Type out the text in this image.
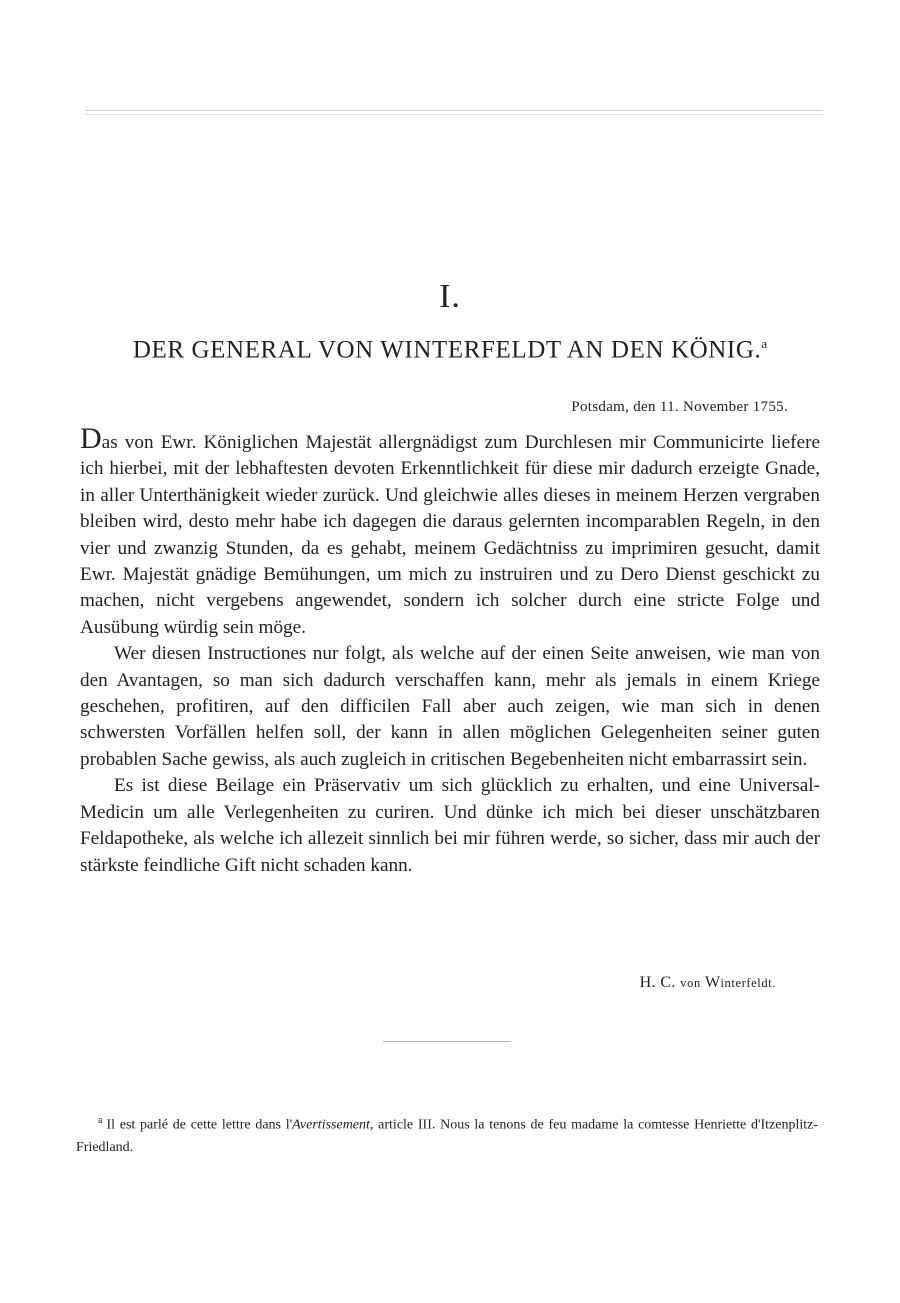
I.
DER GENERAL VON WINTERFELDT AN DEN KÖNIG.$^a$
Potsdam, den 11. November 1755.

Das von Ewr. Königlichen Majestät allergnädigst zum Durchlesen mir Communicirte liefere ich hierbei, mit der lebhaftesten devoten Erkenntlichkeit für diese mir dadurch erzeigte Gnade, in aller Unterthänigkeit wieder zurück. Und gleichwie alles dieses in meinem Herzen vergraben bleiben wird, desto mehr habe ich dagegen die daraus gelernten incomparablen Regeln, in den vier und zwanzig Stunden, da es gehabt, meinem Gedächtniss zu imprimiren gesucht, damit Ewr. Majestät gnädige Bemühungen, um mich zu instruiren und zu Dero Dienst geschickt zu machen, nicht vergebens angewendet, sondern ich solcher durch eine stricte Folge und Ausübung würdig sein möge.

Wer diesen Instructiones nur folgt, als welche auf der einen Seite anweisen, wie man von den Avantagen, so man sich dadurch verschaffen kann, mehr als jemals in einem Kriege geschehen, profitiren, auf den difficilen Fall aber auch zeigen, wie man sich in denen schwersten Vorfällen helfen soll, der kann in allen möglichen Gelegenheiten seiner guten probablen Sache gewiss, als auch zugleich in critischen Begebenheiten nicht embarrassirt sein.

Es ist diese Beilage ein Präservativ um sich glücklich zu erhalten, und eine Universal-Medicin um alle Verlegenheiten zu curiren. Und dünke ich mich bei dieser unschätzbaren Feldapotheke, als welche ich allezeit sinnlich bei mir führen werde, so sicher, dass mir auch der stärkste feindliche Gift nicht schaden kann.

H. C. von Winterfeldt.
$^a$ Il est parlé de cette lettre dans l'Avertissement, article III. Nous la tenons de feu madame la comtesse Henriette d'Itzenplitz-Friedland.
